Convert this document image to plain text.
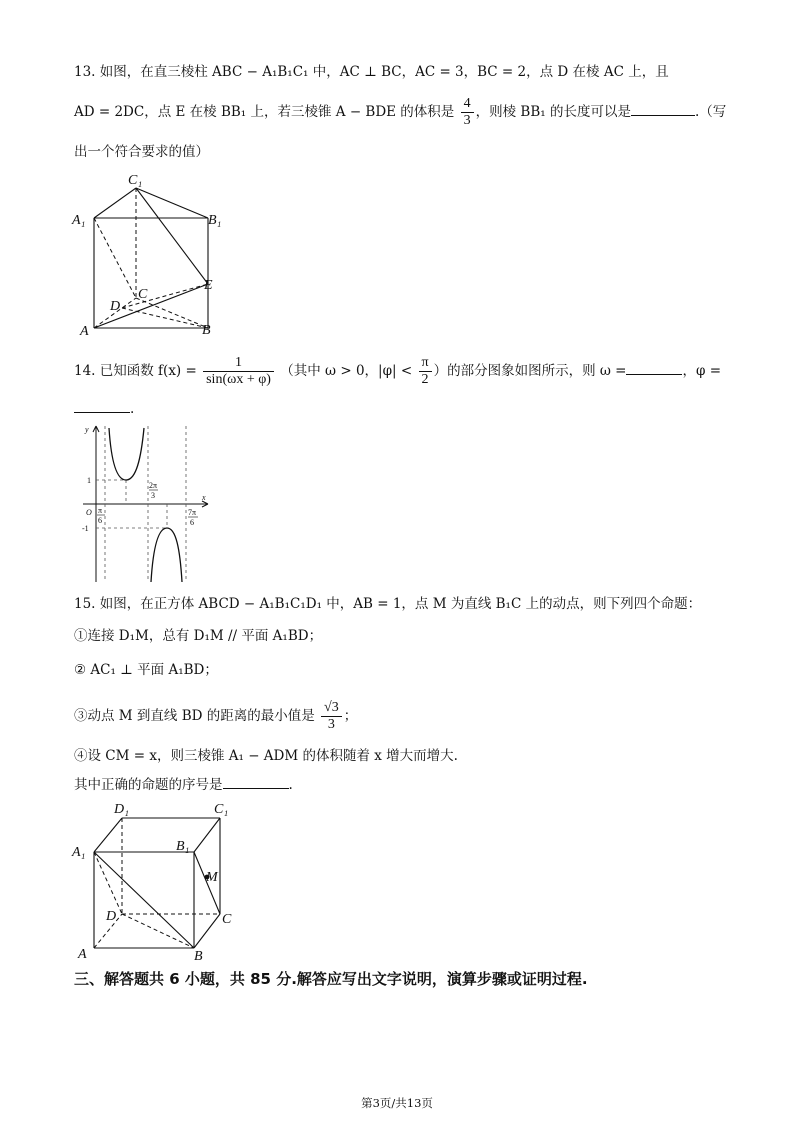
13. 如图，在直三棱柱 ABC − A₁B₁C₁ 中，AC ⊥ BC，AC = 3，BC = 2，点 D 在棱 AC 上，且
AD = 2DC，点 E 在棱 BB₁ 上，若三棱锥 A − BDE 的体积是 $\frac{4}{3}$ ，则棱 BB₁ 的长度可以是	.（写
出一个符合要求的值）
C₁
A₁	B₁
E
C
D
A	B
14. 已知函数 $f(x) = \frac{1}{\sin(\omega x + \varphi)}$ （其中 ω > 0，$|\varphi| < \frac{\pi}{2}$ ）的部分图象如图所示，则 ω =	，φ =
.
y
x
O
1
-1
π
6
2π
3
7π
6
15. 如图，在正方体 ABCD − A₁B₁C₁D₁ 中，AB = 1，点 M 为直线 B₁C 上的动点，则下列四个命题：
①连接 D₁M，总有 D₁M // 平面 A₁BD；
② AC₁ ⊥ 平面 A₁BD；
③动点 M 到直线 BD 的距离的最小值是 $\frac{√3}{3}$ ；
④设 CM = x，则三棱锥 A₁ − ADM 的体积随着 x 增大而增大.
其中正确的命题的序号是	.
D₁	C₁
A₁	B₁
M
D	C
A	B
三、解答题共 6 小题，共 85 分.解答应写出文字说明，演算步骤或证明过程.
第3页/共13页
